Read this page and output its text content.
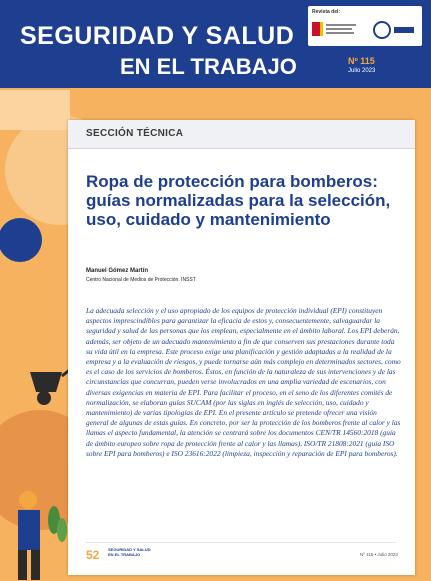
SEGURIDAD Y SALUD
EN EL TRABAJO
Revista del:
Nº 115
Julio 2023
SECCIÓN TÉCNICA
Ropa de protección para bomberos: guías normalizadas para la selección, uso, cuidado y mantenimiento
Manuel Gómez Martín
Centro Nacional de Medios de Protección. INSST
La adecuada selección y el uso apropiado de los equipos de protección individual (EPI) constituyen aspectos imprescindibles para garantizar la eficacia de estos y, consecuentemente, salvaguardar la seguridad y salud de las personas que los emplean, especialmente en el ámbito laboral. Los EPI deberán, además, ser objeto de un adecuado mantenimiento a fin de que conserven sus prestaciones durante toda su vida útil en la empresa. Este proceso exige una planificación y gestión adaptadas a la realidad de la empresa y a la evaluación de riesgos, y puede tornarse aún más complejo en determinados sectores, como es el caso de los servicios de bomberos. Éstos, en función de la naturaleza de sus intervenciones y de las circunstancias que concurran, pueden verse involucrados en una amplia variedad de escenarios, con diversas exigencias en materia de EPI. Para facilitar el proceso, en el seno de los diferentes comités de normalización, se elaboran guías SUCAM (por las siglas en inglés de selección, uso, cuidado y mantenimiento) de varias tipologías de EPI. En el presente artículo se pretende ofrecer una visión general de algunas de estas guías. En concreto, por ser la protección de los bomberos frente al calor y las llamas el aspecto fundamental, la atención se centrará sobre los documentos CEN/TR 14560:2018 (guía de ámbito europeo sobre ropa de protección frente al calor y las llamas), ISO/TR 21808:2021 (guía ISO sobre EPI para bomberos) e ISO 23616:2022 (limpieza, inspección y reparación de EPI para bomberos).
52 SEGURIDAD Y SALUD
EN EL TRABAJO	Nº 115 • Julio 2023
